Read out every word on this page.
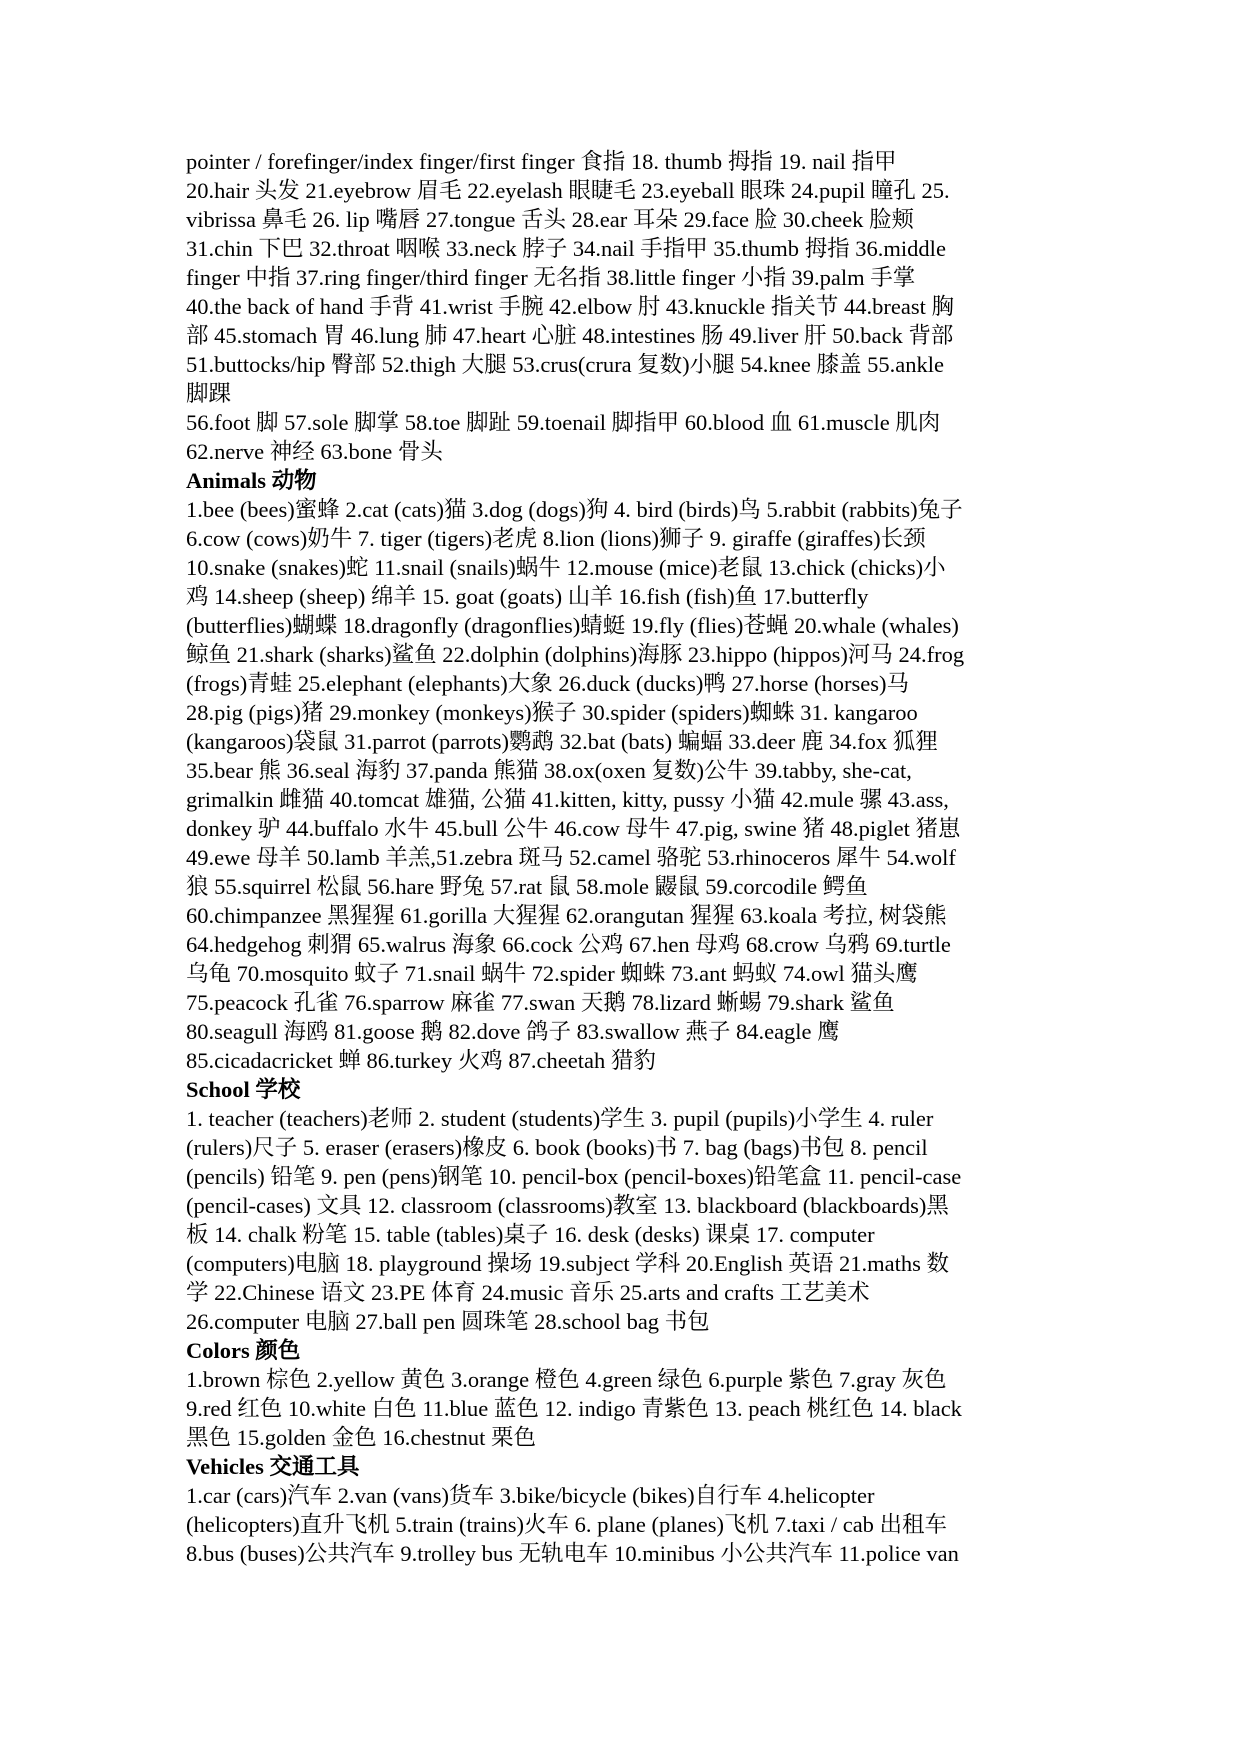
pointer / forefinger/index finger/first finger 食指 18. thumb 拇指 19. nail 指甲
20.hair 头发 21.eyebrow 眉毛 22.eyelash 眼睫毛 23.eyeball 眼珠 24.pupil 瞳孔 25.
vibrissa 鼻毛 26. lip 嘴唇 27.tongue 舌头 28.ear 耳朵 29.face 脸 30.cheek 脸颊
31.chin 下巴 32.throat 咽喉 33.neck 脖子 34.nail 手指甲 35.thumb 拇指 36.middle
finger 中指 37.ring finger/third finger 无名指 38.little finger 小指 39.palm 手掌
40.the back of hand 手背 41.wrist 手腕 42.elbow 肘 43.knuckle 指关节 44.breast 胸
部 45.stomach 胃 46.lung 肺 47.heart 心脏 48.intestines 肠 49.liver 肝 50.back 背部
51.buttocks/hip 臀部 52.thigh 大腿 53.crus(crura 复数)小腿 54.knee 膝盖 55.ankle
脚踝
56.foot 脚 57.sole 脚掌 58.toe 脚趾 59.toenail 脚指甲 60.blood 血 61.muscle 肌肉
62.nerve 神经 63.bone 骨头
Animals 动物
1.bee (bees)蜜蜂 2.cat (cats)猫 3.dog (dogs)狗 4. bird (birds)鸟 5.rabbit (rabbits)兔子
6.cow (cows)奶牛 7. tiger (tigers)老虎 8.lion (lions)狮子 9. giraffe (giraffes)长颈
10.snake (snakes)蛇 11.snail (snails)蜗牛 12.mouse (mice)老鼠 13.chick (chicks)小
鸡 14.sheep (sheep) 绵羊 15. goat (goats) 山羊 16.fish (fish)鱼 17.butterfly
(butterflies)蝴蝶 18.dragonfly (dragonflies)蜻蜓 19.fly (flies)苍蝇 20.whale (whales)
鲸鱼 21.shark (sharks)鲨鱼 22.dolphin (dolphins)海豚 23.hippo (hippos)河马 24.frog
(frogs)青蛙 25.elephant (elephants)大象 26.duck (ducks)鸭 27.horse (horses)马
28.pig (pigs)猪 29.monkey (monkeys)猴子 30.spider (spiders)蜘蛛 31. kangaroo
(kangaroos)袋鼠 31.parrot (parrots)鹦鹉 32.bat (bats) 蝙蝠 33.deer 鹿 34.fox 狐狸
35.bear 熊 36.seal 海豹 37.panda 熊猫 38.ox(oxen 复数)公牛 39.tabby, she-cat,
grimalkin 雌猫 40.tomcat 雄猫, 公猫 41.kitten, kitty, pussy 小猫 42.mule 骡 43.ass,
donkey 驴 44.buffalo 水牛 45.bull 公牛 46.cow 母牛 47.pig, swine 猪 48.piglet 猪崽
49.ewe 母羊 50.lamb 羊羔,51.zebra 斑马 52.camel 骆驼 53.rhinoceros 犀牛 54.wolf
狼 55.squirrel 松鼠 56.hare 野兔 57.rat 鼠 58.mole 鼹鼠 59.corcodile 鳄鱼
60.chimpanzee 黑猩猩 61.gorilla 大猩猩 62.orangutan 猩猩 63.koala 考拉, 树袋熊
64.hedgehog 刺猬 65.walrus 海象 66.cock 公鸡 67.hen 母鸡 68.crow 乌鸦 69.turtle
乌龟 70.mosquito 蚊子 71.snail 蜗牛 72.spider 蜘蛛 73.ant 蚂蚁 74.owl 猫头鹰
75.peacock 孔雀 76.sparrow 麻雀 77.swan 天鹅 78.lizard 蜥蜴 79.shark 鲨鱼
80.seagull 海鸥 81.goose 鹅 82.dove 鸽子 83.swallow 燕子 84.eagle 鹰
85.cicadacricket 蝉 86.turkey 火鸡 87.cheetah 猎豹
School 学校
1. teacher (teachers)老师 2. student (students)学生 3. pupil (pupils)小学生 4. ruler
(rulers)尺子 5. eraser (erasers)橡皮 6. book (books)书 7. bag (bags)书包 8. pencil
(pencils) 铅笔 9. pen (pens)钢笔 10. pencil-box (pencil-boxes)铅笔盒 11. pencil-case
(pencil-cases) 文具 12. classroom (classrooms)教室 13. blackboard (blackboards)黑
板 14. chalk 粉笔 15. table (tables)桌子 16. desk (desks) 课桌 17. computer
(computers)电脑 18. playground 操场 19.subject 学科 20.English 英语 21.maths 数
学 22.Chinese 语文 23.PE 体育 24.music 音乐 25.arts and crafts 工艺美术
26.computer 电脑 27.ball pen 圆珠笔 28.school bag 书包
Colors 颜色
1.brown 棕色 2.yellow 黄色 3.orange 橙色 4.green 绿色 6.purple 紫色 7.gray 灰色
9.red 红色 10.white 白色 11.blue 蓝色 12. indigo 青紫色 13. peach 桃红色 14. black
黑色 15.golden 金色 16.chestnut 栗色
Vehicles 交通工具
1.car (cars)汽车 2.van (vans)货车 3.bike/bicycle (bikes)自行车 4.helicopter
(helicopters)直升飞机 5.train (trains)火车 6. plane (planes)飞机 7.taxi / cab 出租车
8.bus (buses)公共汽车 9.trolley bus 无轨电车 10.minibus 小公共汽车 11.police van
